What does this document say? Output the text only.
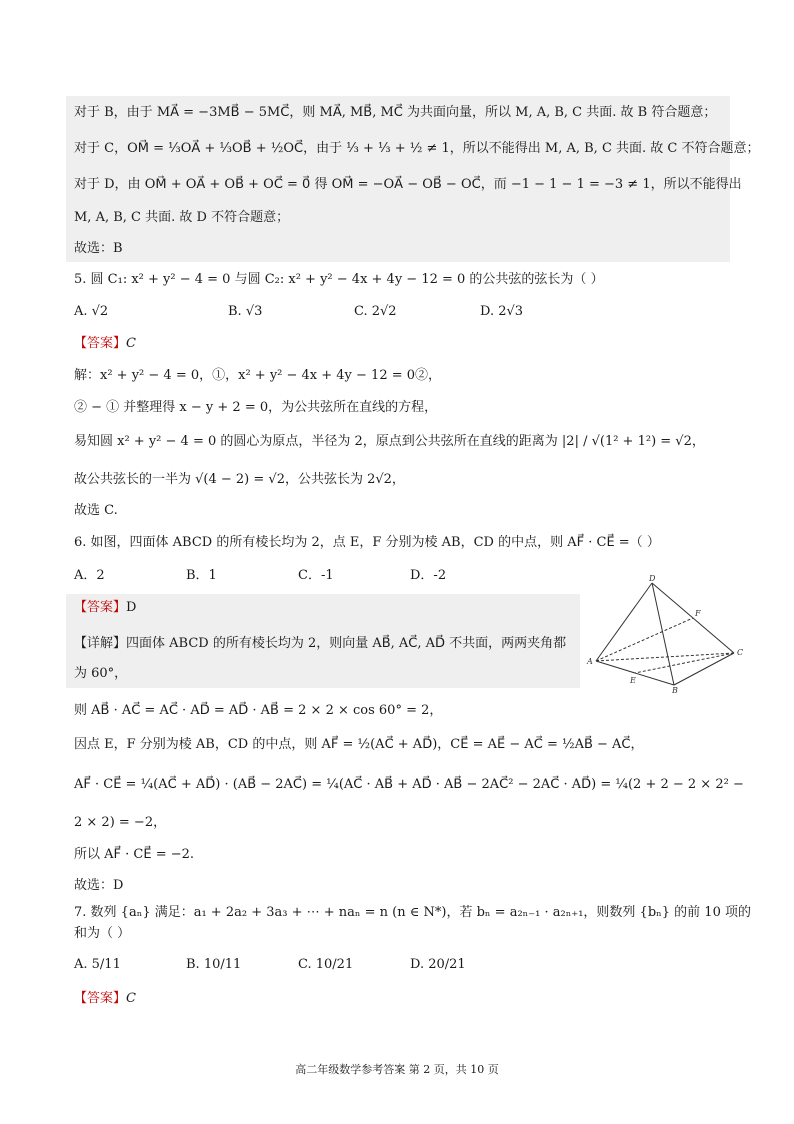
对于 B，由于 MA⃗ = −3MB⃗ − 5MC⃗，则 MA⃗, MB⃗, MC⃗ 为共面向量，所以 M, A, B, C 共面. 故 B 符合题意；
对于 C，OM⃗ = ⅓OA⃗ + ⅓OB⃗ + ½OC⃗，由于 ⅓ + ⅓ + ½ ≠ 1，所以不能得出 M, A, B, C 共面. 故 C 不符合题意；
对于 D，由 OM⃗ + OA⃗ + OB⃗ + OC⃗ = 0⃗ 得 OM⃗ = −OA⃗ − OB⃗ − OC⃗，而 −1 − 1 − 1 = −3 ≠ 1，所以不能得出
M, A, B, C 共面. 故 D 不符合题意；
故选：B
5. 圆 C₁: x² + y² − 4 = 0 与圆 C₂: x² + y² − 4x + 4y − 12 = 0 的公共弦的弦长为（ ）
A. √2	B. √3	C. 2√2	D. 2√3
【答案】C
解：x² + y² − 4 = 0，①，x² + y² − 4x + 4y − 12 = 0②，
② − ① 并整理得 x − y + 2 = 0，为公共弦所在直线的方程，
易知圆 x² + y² − 4 = 0 的圆心为原点，半径为 2，原点到公共弦所在直线的距离为 |2| / √(1² + 1²) = √2，
故公共弦长的一半为 √(4 − 2) = √2，公共弦长为 2√2，
故选 C.
6. 如图，四面体 ABCD 的所有棱长均为 2，点 E，F 分别为棱 AB，CD 的中点，则 AF⃗ · CE⃗ =（ ）
A．2	B．1	C．-1	D．-2
【答案】D
【详解】四面体 ABCD 的所有棱长均为 2，则向量 AB⃗, AC⃗, AD⃗ 不共面，两两夹角都
为 60°，
则 AB⃗ · AC⃗ = AC⃗ · AD⃗ = AD⃗ · AB⃗ = 2 × 2 × cos 60° = 2，
因点 E，F 分别为棱 AB，CD 的中点，则 AF⃗ = ½(AC⃗ + AD⃗)，CE⃗ = AE⃗ − AC⃗ = ½AB⃗ − AC⃗，
AF⃗ · CE⃗ = ¼(AC⃗ + AD⃗) · (AB⃗ − 2AC⃗) = ¼(AC⃗ · AB⃗ + AD⃗ · AB⃗ − 2AC⃗² − 2AC⃗ · AD⃗) = ¼(2 + 2 − 2 × 2² −
2 × 2) = −2，
所以 AF⃗ · CE⃗ = −2.
故选：D
7. 数列 {aₙ} 满足：a₁ + 2a₂ + 3a₃ + ⋯ + naₙ = n (n ∈ N*)，若 bₙ = a₂ₙ₋₁ · a₂ₙ₊₁，则数列 {bₙ} 的前 10 项的
和为（ ）
A. 5/11	B. 10/11	C. 10/21	D. 20/21
【答案】C
D
A
B
C
E
F
高二年级数学参考答案 第 2 页，共 10 页
